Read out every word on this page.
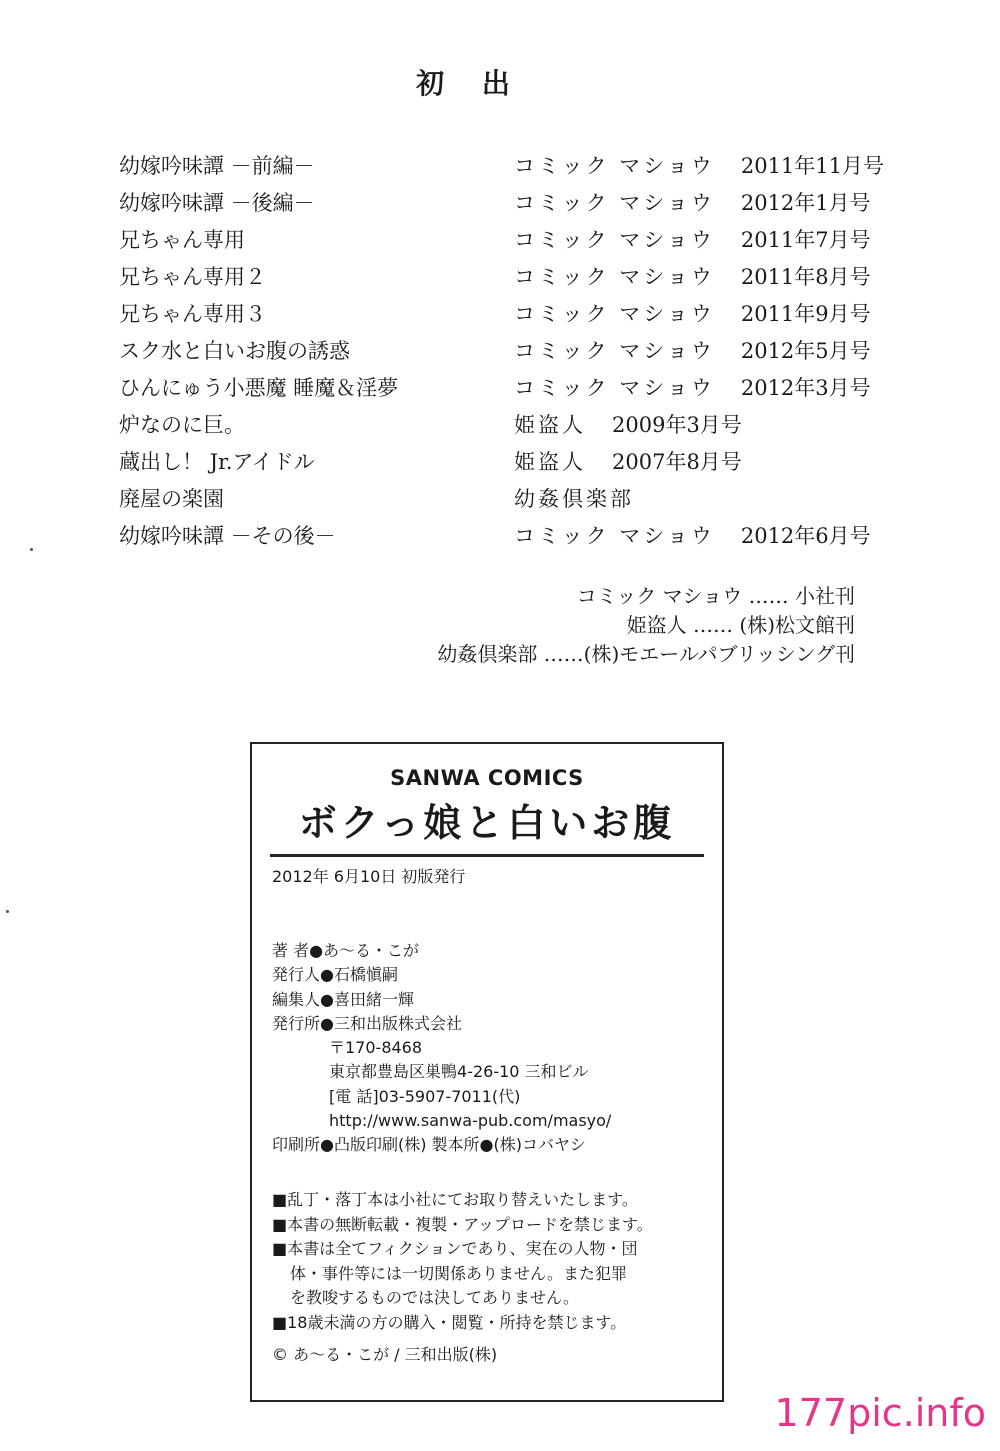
初 出
幼嫁吟味譚 －前編－	コミック マショウ 2011年11月号
幼嫁吟味譚 －後編－	コミック マショウ 2012年1月号
兄ちゃん専用	コミック マショウ 2011年7月号
兄ちゃん専用２	コミック マショウ 2011年8月号
兄ちゃん専用３	コミック マショウ 2011年9月号
スク水と白いお腹の誘惑	コミック マショウ 2012年5月号
ひんにゅう小悪魔 睡魔＆淫夢	コミック マショウ 2012年3月号
炉なのに巨。	姫盗人 2009年3月号
蔵出し！ Jr.アイドル	姫盗人 2007年8月号
廃屋の楽園	幼姦倶楽部
幼嫁吟味譚 －その後－	コミック マショウ 2012年6月号
コミック マショウ …… 小社刊
姫盗人 …… (株)松文館刊
幼姦倶楽部 ……(株)モエールパブリッシング刊
SANWA COMICS
ボクっ娘と白いお腹
2012年 6月10日 初版発行
著 者●あ～る・こが
発行人●石橋愼嗣
編集人●喜田緒一輝
発行所●三和出版株式会社
〒170-8468
東京都豊島区巣鴨4-26-10 三和ビル
[電 話]03-5907-7011(代)
http://www.sanwa-pub.com/masyo/
印刷所●凸版印刷(株) 製本所●(株)コバヤシ
■乱丁・落丁本は小社にてお取り替えいたします。
■本書の無断転載・複製・アップロードを禁じます。
■本書は全てフィクションであり、実在の人物・団
体・事件等には一切関係ありません。また犯罪
を教唆するものでは決してありません。
■18歳未満の方の購入・閲覧・所持を禁じます。
© あ～る・こが / 三和出版(株)
177pic.info
